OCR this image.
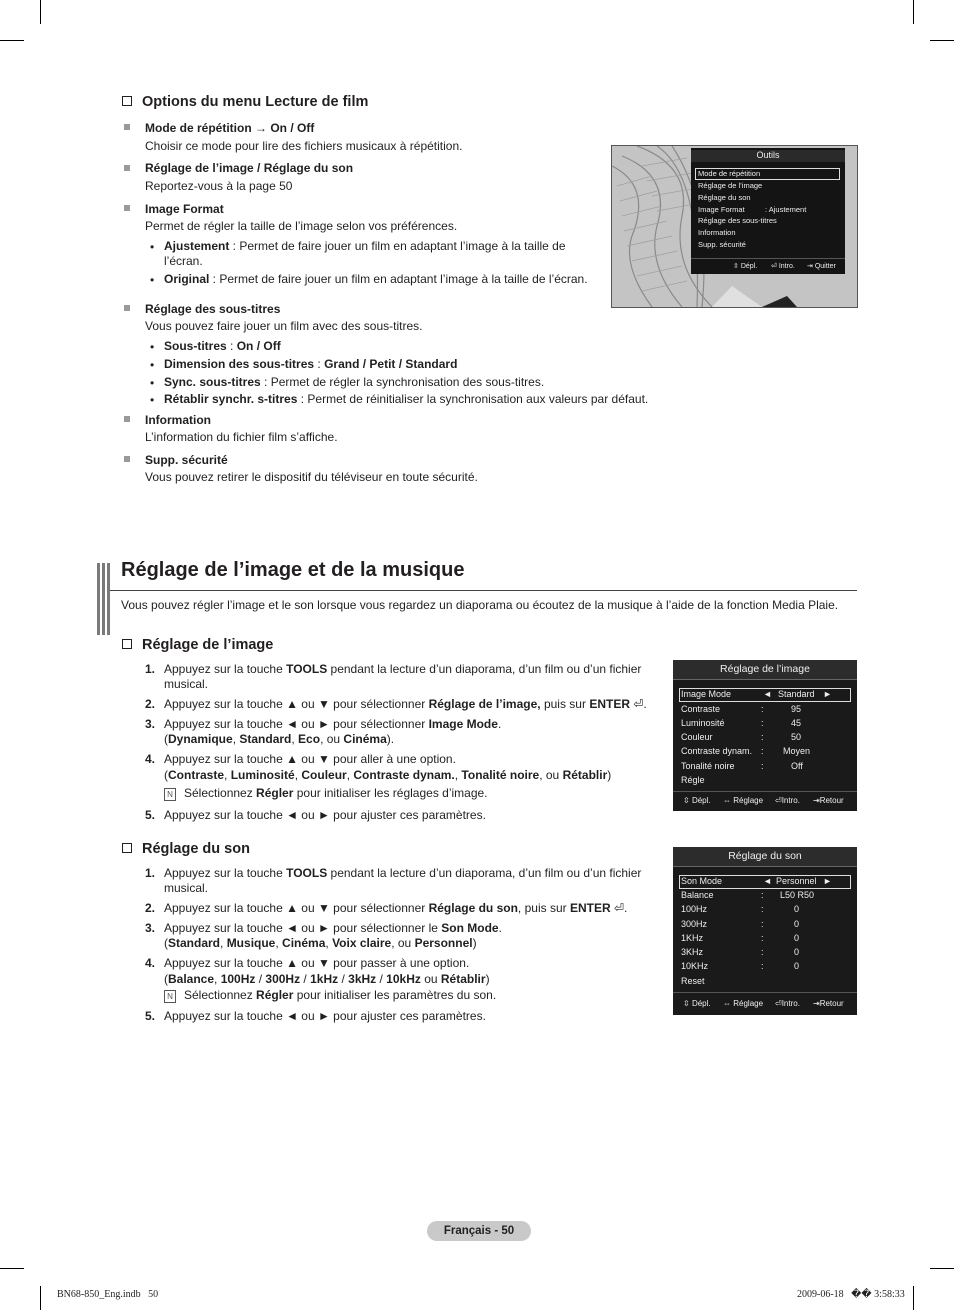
Options du menu Lecture de film
Mode de répétition → On / Off
Choisir ce mode pour lire des fichiers musicaux à répétition.
Réglage de l’image / Réglage du son
Reportez-vous à la page 50
Image Format
Permet de régler la taille de l’image selon vos préférences.
• Ajustement : Permet de faire jouer un film en adaptant l’image à la taille de
l’écran.
• Original : Permet de faire jouer un film en adaptant l’image à la taille de l’écran.
Réglage des sous-titres
Vous pouvez faire jouer un film avec des sous-titres.
• Sous-titres : On / Off
• Dimension des sous-titres : Grand / Petit / Standard
• Sync. sous-titres : Permet de régler la synchronisation des sous-titres.
• Rétablir synchr. s-titres : Permet de réinitialiser la synchronisation aux valeurs par défaut.
Information
L’information du fichier film s’affiche.
Supp. sécurité
Vous pouvez retirer le dispositif du téléviseur en toute sécurité.
Outils
Mode de répétition
Réglage de l’image
Réglage du son
Image Format	: Ajustement
Réglage des sous-titres
Information
Supp. sécurité
⇳ Dépl. ⏎ Intro. ⇥ Quitter
Réglage de l’image et de la musique
Vous pouvez régler l’image et le son lorsque vous regardez un diaporama ou écoutez de la musique à l’aide de la fonction Media Plaie.
Réglage de l’image
1. Appuyez sur la touche TOOLS pendant la lecture d’un diaporama, d’un film ou d’un fichier
musical.
2. Appuyez sur la touche ▲ ou ▼ pour sélectionner Réglage de l’image, puis sur ENTER ⏎.
3. Appuyez sur la touche ◄ ou ► pour sélectionner Image Mode.
(Dynamique, Standard, Eco, ou Cinéma).
4. Appuyez sur la touche ▲ ou ▼ pour aller à une option.
(Contraste, Luminosité, Couleur, Contraste dynam., Tonalité noire, ou Rétablir)
N Sélectionnez Régler pour initialiser les réglages d’image.
5. Appuyez sur la touche ◄ ou ► pour ajuster ces paramètres.
Réglage de l’image
Image Mode	◄ Standard ►
Contraste	:	95
Luminosité	:	45
Couleur	:	50
Contraste dynam. : Moyen
Tonalité noire	:	Off
Régle
⇳ Dépl. ⇔ Réglage ⏎Intro. ⇥Retour
Réglage du son
1. Appuyez sur la touche TOOLS pendant la lecture d’un diaporama, d’un film ou d’un fichier
musical.
2. Appuyez sur la touche ▲ ou ▼ pour sélectionner Réglage du son, puis sur ENTER ⏎.
3. Appuyez sur la touche ◄ ou ► pour sélectionner le Son Mode.
(Standard, Musique, Cinéma, Voix claire, ou Personnel)
4. Appuyez sur la touche ▲ ou ▼ pour passer à une option.
(Balance, 100Hz / 300Hz / 1kHz / 3kHz / 10kHz ou Rétablir)
N Sélectionnez Régler pour initialiser les paramètres du son.
5. Appuyez sur la touche ◄ ou ► pour ajuster ces paramètres.
Réglage du son
Son Mode	◄ Personnel ►
Balance	: L50 R50
100Hz	:	0
300Hz	:	0
1KHz	:	0
3KHz	:	0
10KHz	:	0
Reset
⇳ Dépl. ⇔ Réglage ⏎Intro. ⇥Retour
Français - 50
BN68-850_Eng.indb   50	2009-06-18   �� 3:58:33
